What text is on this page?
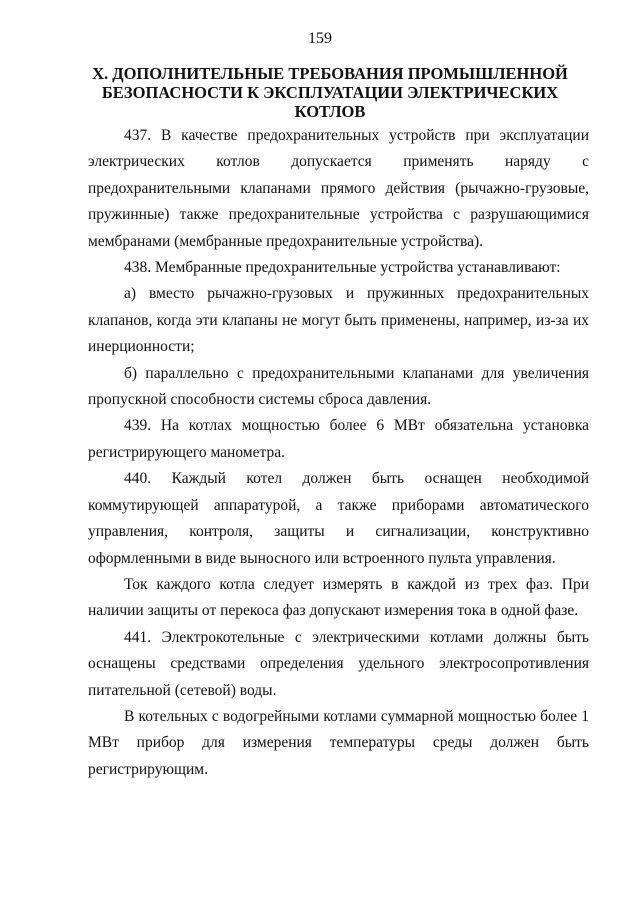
159
X. ДОПОЛНИТЕЛЬНЫЕ ТРЕБОВАНИЯ ПРОМЫШЛЕННОЙ
БЕЗОПАСНОСТИ К ЭКСПЛУАТАЦИИ ЭЛЕКТРИЧЕСКИХ КОТЛОВ

437. В качестве предохранительных устройств при эксплуатации электрических котлов допускается применять наряду с предохранительными клапанами прямого действия (рычажно-грузовые, пружинные) также предохранительные устройства с разрушающимися мембранами (мембранные предохранительные устройства).

438. Мембранные предохранительные устройства устанавливают:

а) вместо рычажно-грузовых и пружинных предохранительных клапанов, когда эти клапаны не могут быть применены, например, из-за их инерционности;

б) параллельно с предохранительными клапанами для увеличения пропускной способности системы сброса давления.

439. На котлах мощностью более 6 МВт обязательна установка регистрирующего манометра.

440. Каждый котел должен быть оснащен необходимой коммутирующей аппаратурой, а также приборами автоматического управления, контроля, защиты и сигнализации, конструктивно оформленными в виде выносного или встроенного пульта управления.

Ток каждого котла следует измерять в каждой из трех фаз. При наличии защиты от перекоса фаз допускают измерения тока в одной фазе.

441. Электрокотельные с электрическими котлами должны быть оснащены средствами определения удельного электросопротивления питательной (сетевой) воды.

В котельных с водогрейными котлами суммарной мощностью более 1 МВт прибор для измерения температуры среды должен быть регистрирующим.
